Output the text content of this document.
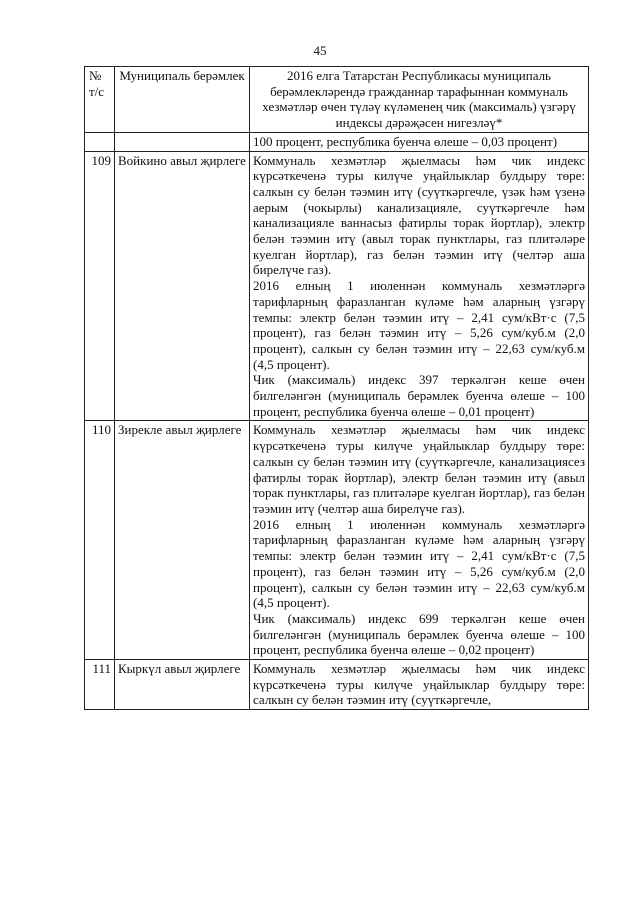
45
№ т/с	Муниципаль берәмлек	2016 елга Татарстан Республикасы муниципаль берәмлекләрендә гражданнар тарафыннан коммуналь хезмәтләр өчен түләү күләменең чик (максималь) үзгәрү индексы дәрәҗәсен нигезләү*
		100 процент, республика буенча өлеше – 0,03 процент)
109	Войкино авыл җирлеге	Коммуналь хезмәтләр җыелмасы һәм чик индекс күрсәткеченә туры килүче уңайлыклар булдыру төре: салкын су белән тәэмин итү (суүткәргечле, үзәк һәм үзенә аерым (чокырлы) канализацияле, суүткәргечле һәм канализацияле ваннасыз фатирлы торак йортлар), электр белән тәэмин итү (авыл торак пунктлары, газ плитәләре куелган йортлар), газ белән тәэмин итү (челтәр аша бирелүче газ).
2016 елның 1 июленнән коммуналь хезмәтләргә тарифларның фаразланган күләме һәм аларның үзгәрү темпы: электр белән тәэмин итү – 2,41 сум/кВт·с (7,5 процент), газ белән тәэмин итү – 5,26 сум/куб.м (2,0 процент), салкын су белән тәэмин итү – 22,63 сум/куб.м (4,5 процент).
Чик (максималь) индекс 397 теркәлгән кеше өчен билгеләнгән (муниципаль берәмлек буенча өлеше – 100 процент, республика буенча өлеше – 0,01 процент)

110	Зирекле авыл җирлеге	Коммуналь хезмәтләр җыелмасы һәм чик индекс күрсәткеченә туры килүче уңайлыклар булдыру төре: салкын су белән тәэмин итү (суүткәргечле, канализациясез фатирлы торак йортлар), электр белән тәэмин итү (авыл торак пунктлары, газ плитәләре куелган йортлар), газ белән тәэмин итү (челтәр аша бирелүче газ).
2016 елның 1 июленнән коммуналь хезмәтләргә тарифларның фаразланган күләме һәм аларның үзгәрү темпы: электр белән тәэмин итү – 2,41 сум/кВт·с (7,5 процент), газ белән тәэмин итү – 5,26 сум/куб.м (2,0 процент), салкын су белән тәэмин итү – 22,63 сум/куб.м (4,5 процент).
Чик (максималь) индекс 699 теркәлгән кеше өчен билгеләнгән (муниципаль берәмлек буенча өлеше – 100 процент, республика буенча өлеше – 0,02 процент)

111	Кыркүл авыл җирлеге	Коммуналь хезмәтләр җыелмасы һәм чик индекс күрсәткеченә туры килүче уңайлыклар булдыру төре: салкын су белән тәэмин итү (суүткәргечле,
